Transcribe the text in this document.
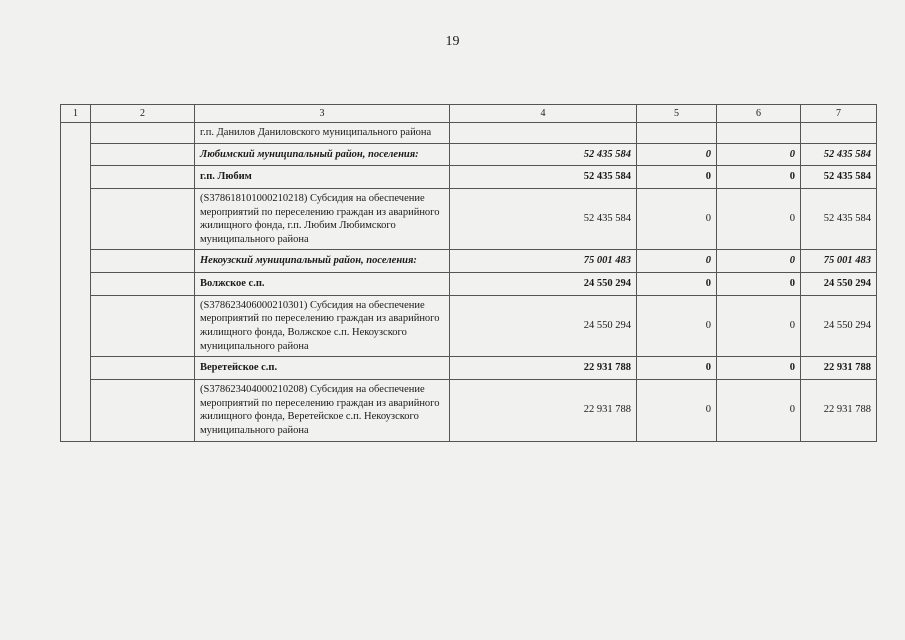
19
1	2	3	4	5	6	7
		г.п. Данилов Даниловского муниципального района				
		Любимский муниципальный район, поселения:	52 435 584	0	0	52 435 584
		г.п. Любим	52 435 584	0	0	52 435 584
		(S378618101000210218) Субсидия на обеспечение мероприятий по переселению граждан из аварийного жилищного фонда, г.п. Любим Любимского муниципального района	52 435 584	0	0	52 435 584
		Некоузский муниципальный район, поселения:	75 001 483	0	0	75 001 483
		Волжское с.п.	24 550 294	0	0	24 550 294
		(S378623406000210301) Субсидия на обеспечение мероприятий по переселению граждан из аварийного жилищного фонда, Волжское с.п. Некоузского муниципального района	24 550 294	0	0	24 550 294
		Веретейское с.п.	22 931 788	0	0	22 931 788
		(S378623404000210208) Субсидия на обеспечение мероприятий по переселению граждан из аварийного жилищного фонда, Веретейское с.п. Некоузского муниципального района	22 931 788	0	0	22 931 788
